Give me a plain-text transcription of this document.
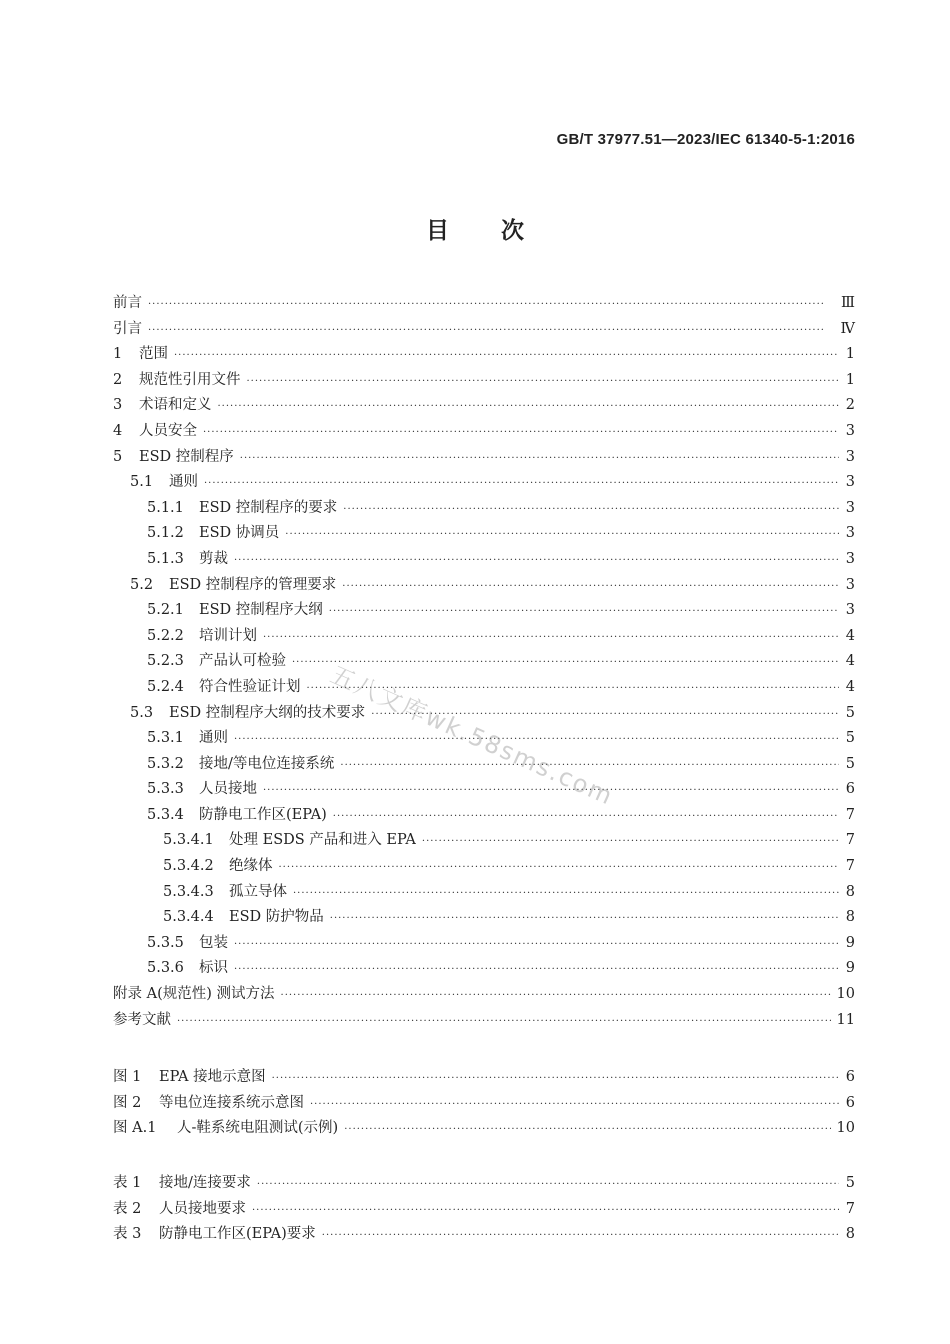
GB/T 37977.51—2023/IEC 61340-5-1:2016
目次
前言 ·····	Ⅲ
引言 ·····	Ⅳ
1	范围 ·····	1
2	规范性引用文件 ·····	1
3	术语和定义 ·····	2
4	人员安全 ·····	3
5	ESD 控制程序 ·····	3
5.1	通则 ·····	3
5.1.1	ESD 控制程序的要求 ·····	3
5.1.2	ESD 协调员 ·····	3
5.1.3	剪裁 ·····	3
5.2	ESD 控制程序的管理要求 ·····	3
5.2.1	ESD 控制程序大纲 ·····	3
5.2.2	培训计划 ·····	4
5.2.3	产品认可检验 ·····	4
5.2.4	符合性验证计划 ·····	4
5.3	ESD 控制程序大纲的技术要求 ·····	5
5.3.1	通则 ·····	5
5.3.2	接地/等电位连接系统 ·····	5
5.3.3	人员接地 ·····	6
5.3.4	防静电工作区(EPA) ·····	7
5.3.4.1	处理 ESDS 产品和进入 EPA ·····	7
5.3.4.2	绝缘体 ·····	7
5.3.4.3	孤立导体 ·····	8
5.3.4.4	ESD 防护物品 ·····	8
5.3.5	包装 ·····	9
5.3.6	标识 ·····	9
附录 A(规范性) 测试方法 ·····	10
参考文献 ·····	11
图 1	EPA 接地示意图 ·····	6
图 2	等电位连接系统示意图 ·····	6
图 A.1	人-鞋系统电阻测试(示例) ·····	10
表 1	接地/连接要求 ·····	5
表 2	人员接地要求 ·····	7
表 3	防静电工作区(EPA)要求 ·····	8
五八文库wk.58sms.com
